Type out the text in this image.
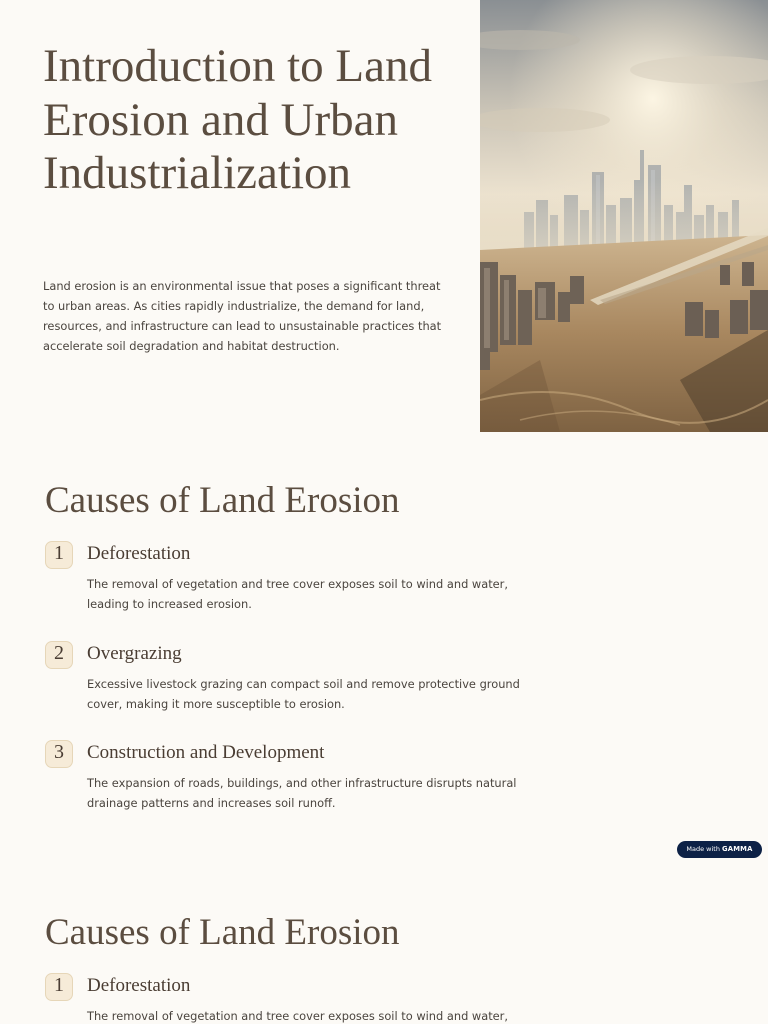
Introduction to Land Erosion and Urban Industrialization

Land erosion is an environmental issue that poses a significant threat to urban areas. As cities rapidly industrialize, the demand for land, resources, and infrastructure can lead to unsustainable practices that accelerate soil degradation and habitat destruction.

Causes of Land Erosion
1	Deforestation

The removal of vegetation and tree cover exposes soil to wind and water, leading to increased erosion.

2	Overgrazing

Excessive livestock grazing can compact soil and remove protective ground cover, making it more susceptible to erosion.

3	Construction and Development

The expansion of roads, buildings, and other infrastructure disrupts natural drainage patterns and increases soil runoff.

Made with GAMMA
Causes of Land Erosion
1	Deforestation

The removal of vegetation and tree cover exposes soil to wind and water,
